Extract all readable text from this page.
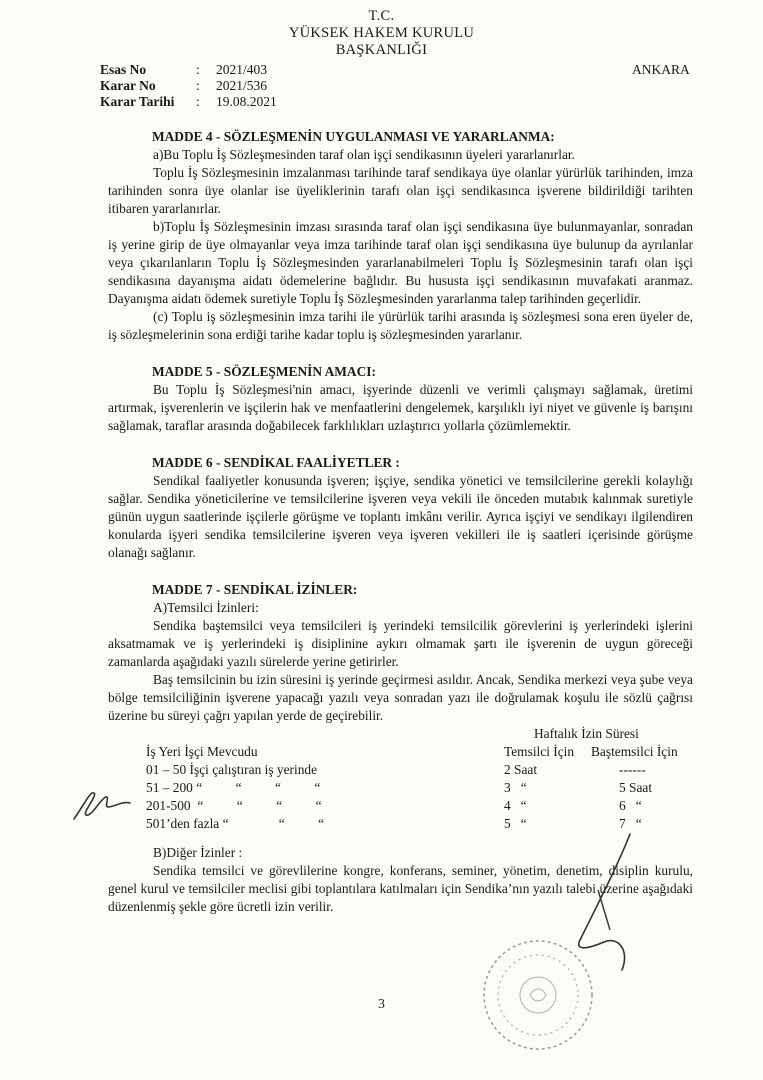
T.C.
YÜKSEK HAKEM KURULU
BAŞKANLIĞI
Esas No	:	2021/403
Karar No	:	2021/536
Karar Tarihi	:	19.08.2021
ANKARA

MADDE 4 - SÖZLEŞMENİN UYGULANMASI VE YARARLANMA:

a)Bu Toplu İş Sözleşmesinden taraf olan işçi sendikasının üyeleri yararlanırlar.

Toplu İş Sözleşmesinin imzalanması tarihinde taraf sendikaya üye olanlar yürürlük tarihinden, imza tarihinden sonra üye olanlar ise üyeliklerinin tarafı olan işçi sendikasınca işverene bildirildiği tarihten itibaren yararlanırlar.

b)Toplu İş Sözleşmesinin imzası sırasında taraf olan işçi sendikasına üye bulunmayanlar, sonradan iş yerine girip de üye olmayanlar veya imza tarihinde taraf olan işçi sendikasına üye bulunup da ayrılanlar veya çıkarılanların Toplu İş Sözleşmesinden yararlanabilmeleri Toplu İş Sözleşmesinin tarafı olan işçi sendikasına dayanışma aidatı ödemelerine bağlıdır. Bu hususta işçi sendikasının muvafakati aranmaz. Dayanışma aidatı ödemek suretiyle Toplu İş Sözleşmesinden yararlanma talep tarihinden geçerlidir.

(c) Toplu iş sözleşmesinin imza tarihi ile yürürlük tarihi arasında iş sözleşmesi sona eren üyeler de, iş sözleşmelerinin sona erdiği tarihe kadar toplu iş sözleşmesinden yararlanır.

MADDE 5 - SÖZLEŞMENİN AMACI:

Bu Toplu İş Sözleşmesi'nin amacı, işyerinde düzenli ve verimli çalışmayı sağlamak, üretimi artırmak, işverenlerin ve işçilerin hak ve menfaatlerini dengelemek, karşılıklı iyi niyet ve güvenle iş barışını sağlamak, taraflar arasında doğabilecek farklılıkları uzlaştırıcı yollarla çözümlemektir.

MADDE 6 - SENDİKAL FAALİYETLER :

Sendikal faaliyetler konusunda işveren; işçiye, sendika yönetici ve temsilcilerine gerekli kolaylığı sağlar. Sendika yöneticilerine ve temsilcilerine işveren veya vekili ile önceden mutabık kalınmak suretiyle günün uygun saatlerinde işçilerle görüşme ve toplantı imkânı verilir. Ayrıca işçiyi ve sendikayı ilgilendiren konularda işyeri sendika temsilcilerine işveren veya işveren vekilleri ile iş saatleri içerisinde görüşme olanağı sağlanır.

MADDE 7 - SENDİKAL İZİNLER:

A)Temsilci İzinleri:

Sendika baştemsilci veya temsilcileri iş yerindeki temsilcilik görevlerini iş yerlerindeki işlerini aksatmamak ve iş yerlerindeki iş disiplinine aykırı olmamak şartı ile işverenin de uygun göreceği zamanlarda aşağıdaki yazılı sürelerde yerine getirirler.

Baş temsilcinin bu izin süresini iş yerinde geçirmesi asıldır. Ancak, Sendika merkezi veya şube veya bölge temsilciliğinin işverene yapacağı yazılı veya sonradan yazı ile doğrulamak koşulu ile sözlü çağrısı üzerine bu süreyi çağrı yapılan yerde de geçirebilir.

	Haftalık İzin Süresi	
İş Yeri İşçi Mevcudu	Temsilci İçin	Baştemsilci İçin
01 – 50 İşçi çalıştıran iş yerinde	2 Saat	------
51 – 200 “          “          “          “	3   “	5 Saat
201-500  “          “          “          “	4   “	6   “
501’den fazla “               “          “	5   “	7   “

B)Diğer İzinler :

Sendika temsilci ve görevlilerine kongre, konferans, seminer, yönetim, denetim, disiplin kurulu, genel kurul ve temsilciler meclisi gibi toplantılara katılmaları için Sendika’nın yazılı talebi üzerine aşağıdaki düzenlenmiş şekle göre ücretli izin verilir.

3
